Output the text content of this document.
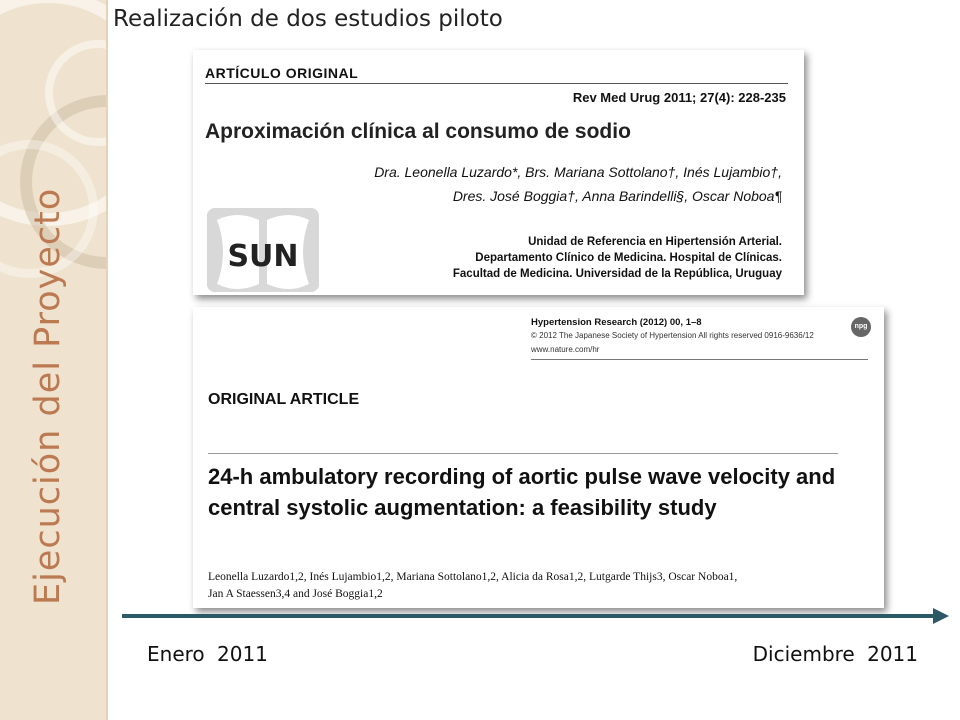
Ejecución del Proyecto
Realización de dos estudios piloto
ARTÍCULO ORIGINAL
Rev Med Urug 2011; 27(4): 228-235
Aproximación clínica al consumo de sodio
Dra. Leonella Luzardo*, Brs. Mariana Sottolano†, Inés Lujambio†,
Dres. José Boggia†, Anna Barindelli§, Oscar Noboa¶
SUN	Unidad de Referencia en Hipertensión Arterial.
Departamento Clínico de Medicina. Hospital de Clínicas.
Facultad de Medicina. Universidad de la República, Uruguay
Hypertension Research (2012) 00, 1–8
© 2012 The Japanese Society of Hypertension All rights reserved 0916-9636/12
www.nature.com/hr
npg
ORIGINAL ARTICLE
24-h ambulatory recording of aortic pulse wave velocity and central systolic augmentation: a feasibility study
Leonella Luzardo1,2, Inés Lujambio1,2, Mariana Sottolano1,2, Alicia da Rosa1,2, Lutgarde Thijs3, Oscar Noboa1,
Jan A Staessen3,4 and José Boggia1,2
Enero 2011	Diciembre 2011
